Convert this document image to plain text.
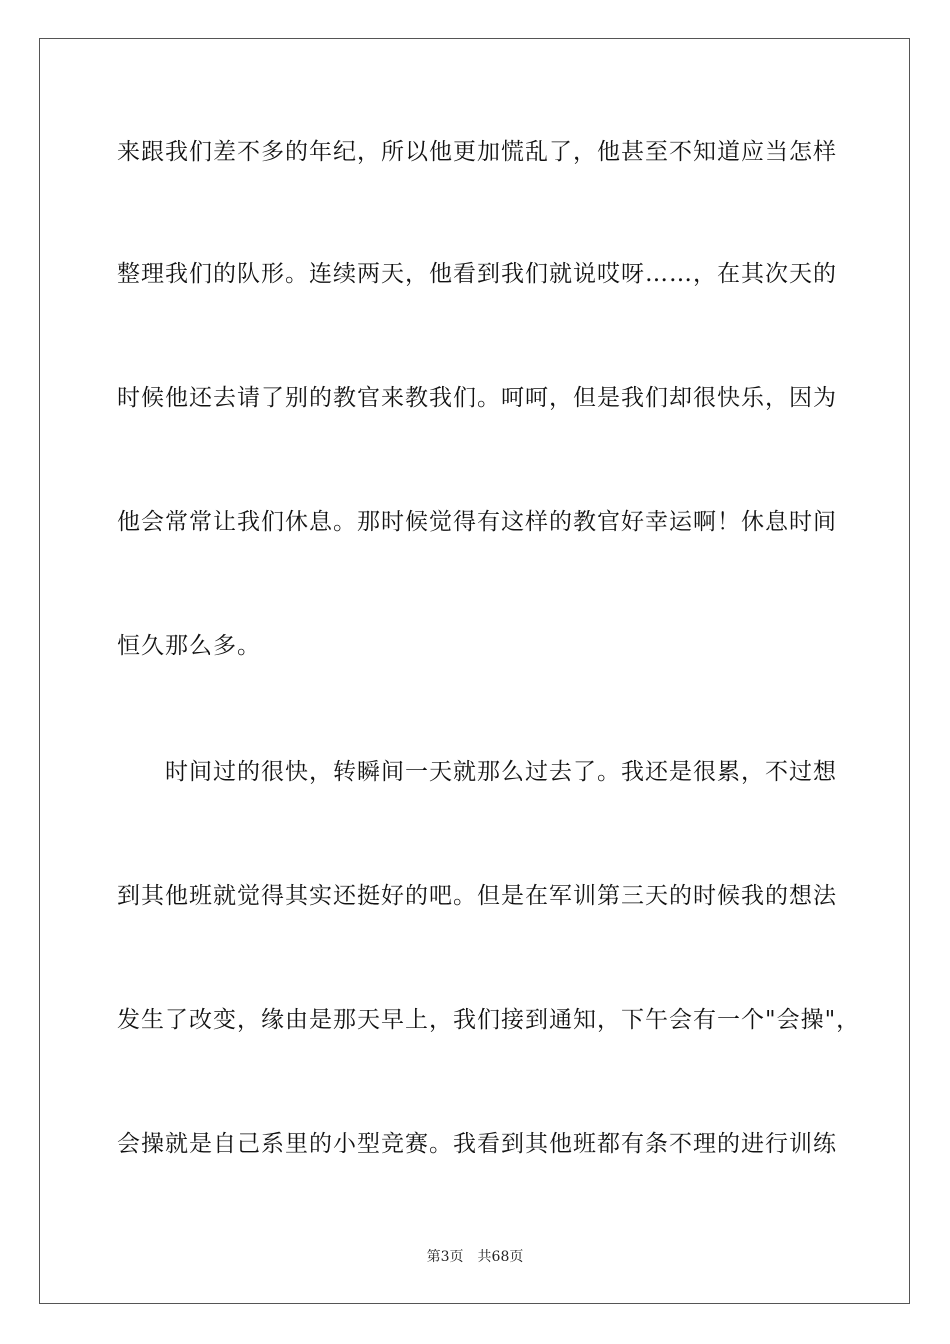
来跟我们差不多的年纪，所以他更加慌乱了，他甚至不知道应当怎样
整理我们的队形。连续两天，他看到我们就说哎呀……，在其次天的
时候他还去请了别的教官来教我们。呵呵，但是我们却很快乐，因为
他会常常让我们休息。那时候觉得有这样的教官好幸运啊！休息时间
恒久那么多。
时间过的很快，转瞬间一天就那么过去了。我还是很累，不过想
到其他班就觉得其实还挺好的吧。但是在军训第三天的时候我的想法
发生了改变，缘由是那天早上，我们接到通知，下午会有一个"会操"，
会操就是自己系里的小型竞赛。我看到其他班都有条不理的进行训练
第3页 共68页
